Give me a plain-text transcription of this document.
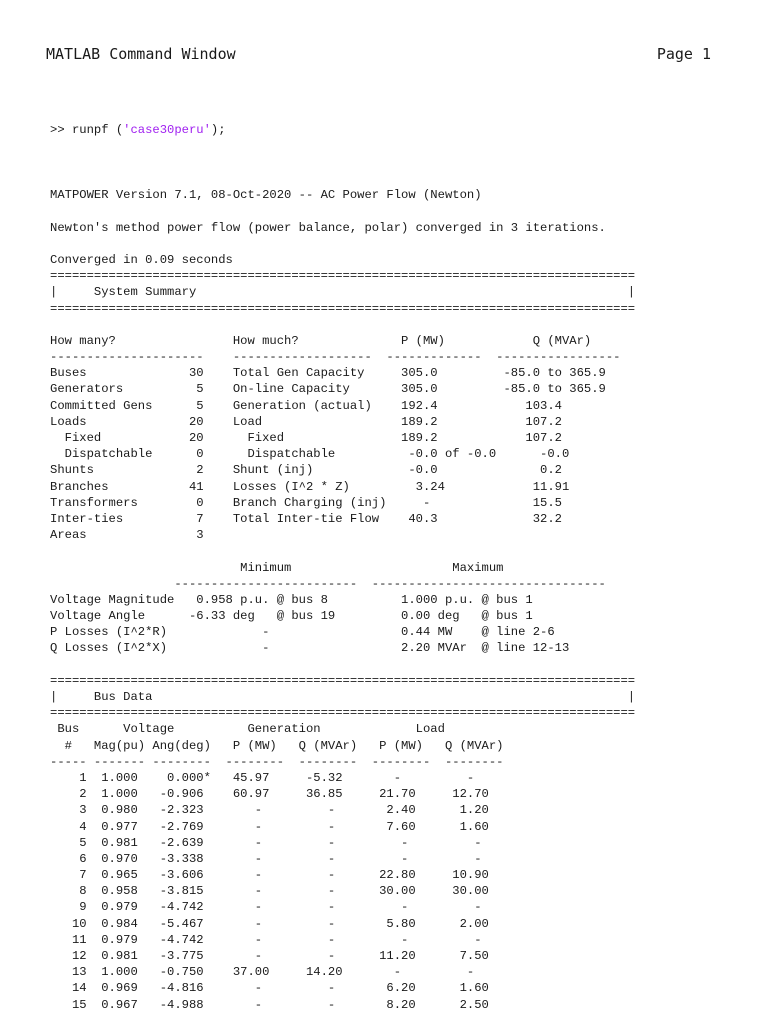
MATLAB Command Window	Page 1

>> runpf ('case30peru');

MATPOWER Version 7.1, 08-Oct-2020 -- AC Power Flow (Newton)
Newton's method power flow (power balance, polar) converged in 3 iterations.
Converged in 0.09 seconds
================================================================================
|     System Summary                                                           |
================================================================================
How many?                How much?              P (MW)            Q (MVAr)
---------------------    -------------------  -------------  -----------------
Buses              30    Total Gen Capacity     305.0         -85.0 to 365.9
Generators          5    On-line Capacity       305.0         -85.0 to 365.9
Committed Gens      5    Generation (actual)    192.4            103.4
Loads              20    Load                   189.2            107.2
Fixed            20      Fixed                189.2            107.2
Dispatchable      0      Dispatchable          -0.0 of -0.0      -0.0
Shunts              2    Shunt (inj)             -0.0              0.2
Branches           41    Losses (I^2 * Z)         3.24            11.91
Transformers        0    Branch Charging (inj)     -              15.5
Inter-ties          7    Total Inter-tie Flow    40.3             32.2
Areas               3
Minimum                      Maximum
-------------------------  --------------------------------
Voltage Magnitude   0.958 p.u. @ bus 8          1.000 p.u. @ bus 1
Voltage Angle      -6.33 deg   @ bus 19         0.00 deg   @ bus 1
P Losses (I^2*R)             -                  0.44 MW    @ line 2-6
Q Losses (I^2*X)             -                  2.20 MVAr  @ line 12-13
================================================================================
|     Bus Data                                                                 |
================================================================================
Bus      Voltage          Generation             Load
#   Mag(pu) Ang(deg)   P (MW)   Q (MVAr)   P (MW)   Q (MVAr)
----- ------- --------  --------  --------  --------  --------
1  1.000    0.000*   45.97     -5.32       -         -
2  1.000   -0.906    60.97     36.85     21.70     12.70
3  0.980   -2.323       -         -       2.40      1.20
4  0.977   -2.769       -         -       7.60      1.60
5  0.981   -2.639       -         -         -         -
6  0.970   -3.338       -         -         -         -
7  0.965   -3.606       -         -      22.80     10.90
8  0.958   -3.815       -         -      30.00     30.00
9  0.979   -4.742       -         -         -         -
10  0.984   -5.467       -         -       5.80      2.00
11  0.979   -4.742       -         -         -         -
12  0.981   -3.775       -         -      11.20      7.50
13  1.000   -0.750    37.00     14.20       -         -
14  0.969   -4.816       -         -       6.20      1.60
15  0.967   -4.988       -         -       8.20      2.50
